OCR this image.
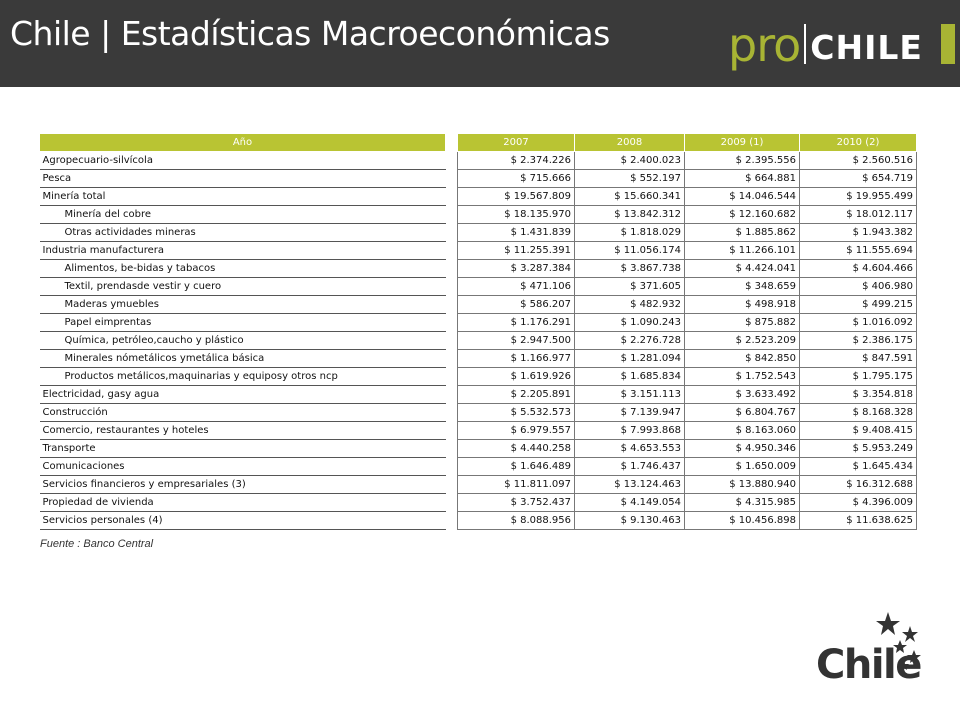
Chile | Estadísticas Macroeconómicas	pro CHILE
Año		2007	2008	2009 (1)	2010 (2)
Agropecuario-silvícola		$ 2.374.226	$ 2.400.023	$ 2.395.556	$ 2.560.516
Pesca		$ 715.666	$ 552.197	$ 664.881	$ 654.719
Minería total		$ 19.567.809	$ 15.660.341	$ 14.046.544	$ 19.955.499
Minería del cobre		$ 18.135.970	$ 13.842.312	$ 12.160.682	$ 18.012.117
Otras actividades mineras		$ 1.431.839	$ 1.818.029	$ 1.885.862	$ 1.943.382
Industria manufacturera		$ 11.255.391	$ 11.056.174	$ 11.266.101	$ 11.555.694
Alimentos, be-bidas y tabacos		$ 3.287.384	$ 3.867.738	$ 4.424.041	$ 4.604.466
Textil, prendasde vestir y cuero		$ 471.106	$ 371.605	$ 348.659	$ 406.980
Maderas ymuebles		$ 586.207	$ 482.932	$ 498.918	$ 499.215
Papel eimprentas		$ 1.176.291	$ 1.090.243	$ 875.882	$ 1.016.092
Química, petróleo,caucho y plástico		$ 2.947.500	$ 2.276.728	$ 2.523.209	$ 2.386.175
Minerales nómetálicos ymetálica básica		$ 1.166.977	$ 1.281.094	$ 842.850	$ 847.591
Productos metálicos,maquinarias y equiposy otros ncp		$ 1.619.926	$ 1.685.834	$ 1.752.543	$ 1.795.175
Electricidad, gasy agua		$ 2.205.891	$ 3.151.113	$ 3.633.492	$ 3.354.818
Construcción		$ 5.532.573	$ 7.139.947	$ 6.804.767	$ 8.168.328
Comercio, restaurantes y hoteles		$ 6.979.557	$ 7.993.868	$ 8.163.060	$ 9.408.415
Transporte		$ 4.440.258	$ 4.653.553	$ 4.950.346	$ 5.953.249
Comunicaciones		$ 1.646.489	$ 1.746.437	$ 1.650.009	$ 1.645.434
Servicios financieros y empresariales (3)		$ 11.811.097	$ 13.124.463	$ 13.880.940	$ 16.312.688
Propiedad de vivienda		$ 3.752.437	$ 4.149.054	$ 4.315.985	$ 4.396.009
Servicios personales (4)		$ 8.088.956	$ 9.130.463	$ 10.456.898	$ 11.638.625
Fuente : Banco Central
Chile
